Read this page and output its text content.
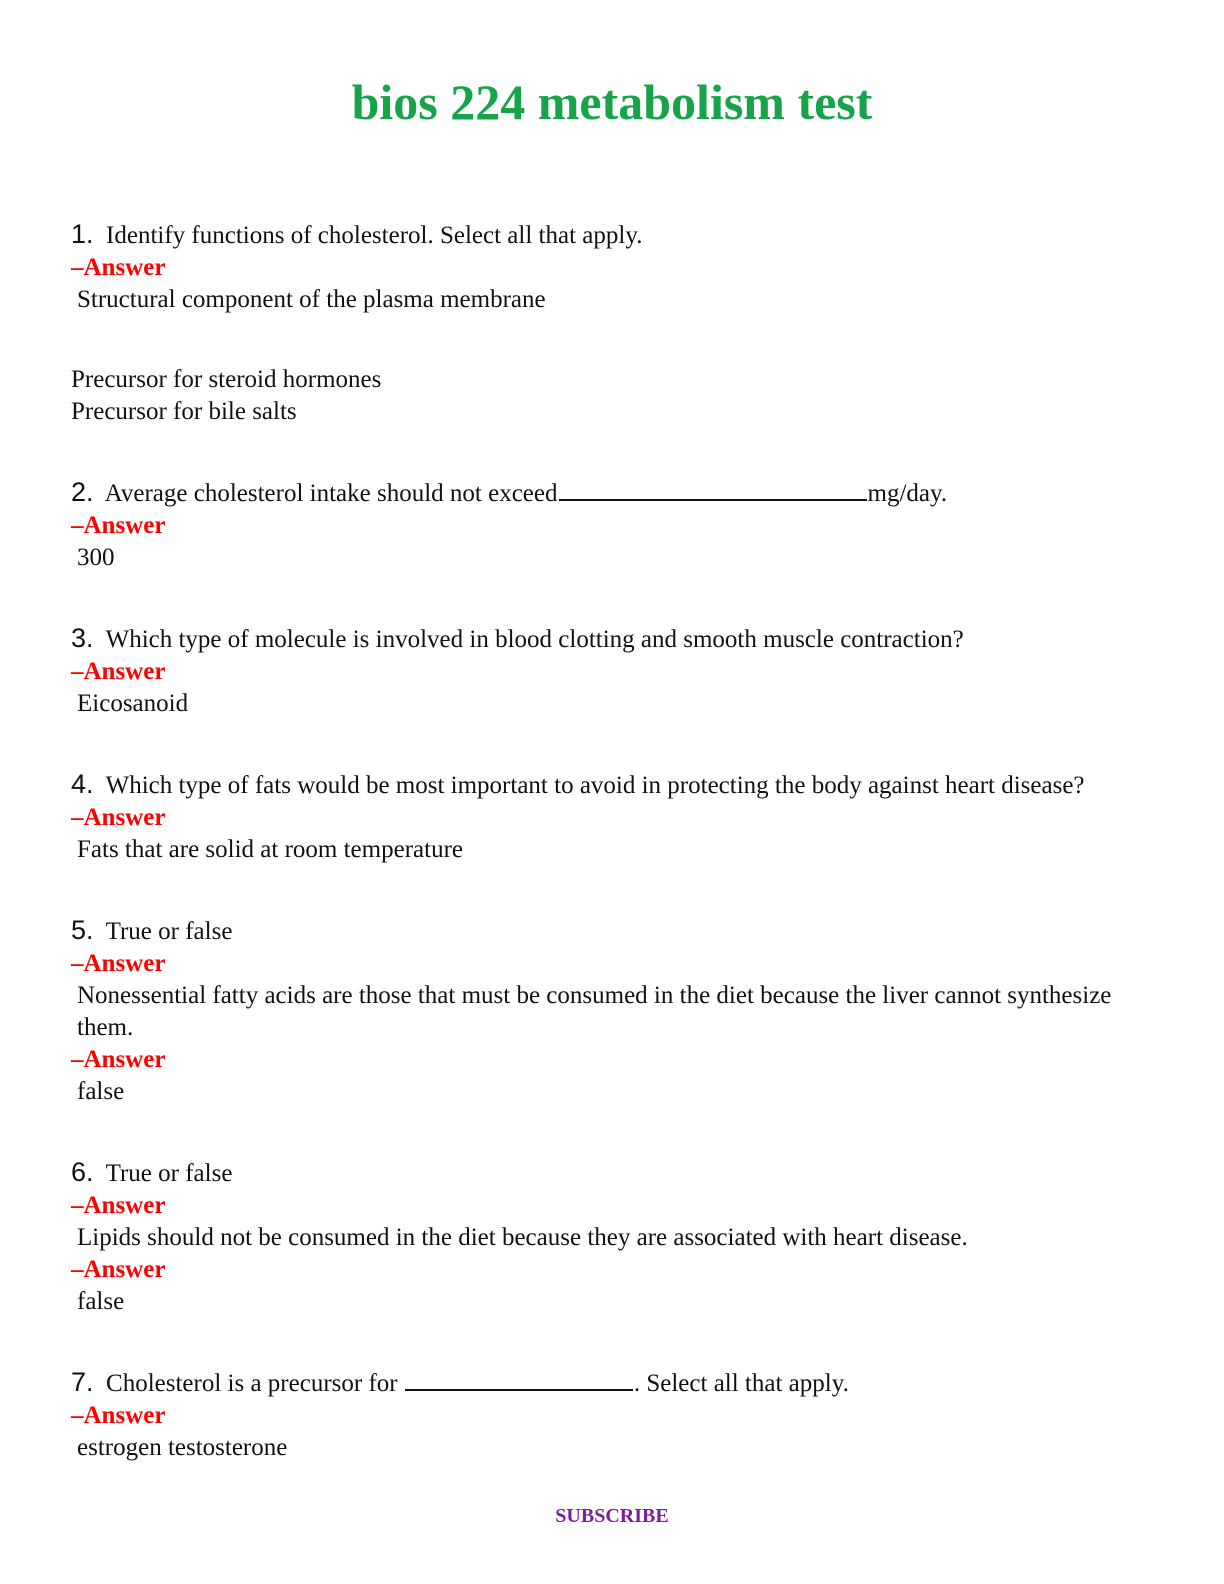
bios 224 metabolism test
1. Identify functions of cholesterol. Select all that apply.
–Answer
Structural component of the plasma membrane
Precursor for steroid hormones
Precursor for bile salts
2. Average cholesterol intake should not exceed	mg/day.
–Answer
300
3. Which type of molecule is involved in blood clotting and smooth muscle contraction?
–Answer
Eicosanoid
4. Which type of fats would be most important to avoid in protecting the body against heart disease?
–Answer
Fats that are solid at room temperature
5. True or false
–Answer
Nonessential fatty acids are those that must be consumed in the diet because the liver cannot synthesize them.
–Answer
false
6. True or false
–Answer
Lipids should not be consumed in the diet because they are associated with heart disease.
–Answer
false
7. Cholesterol is a precursor for	. Select all that apply.
–Answer
estrogen testosterone
SUBSCRIBE
